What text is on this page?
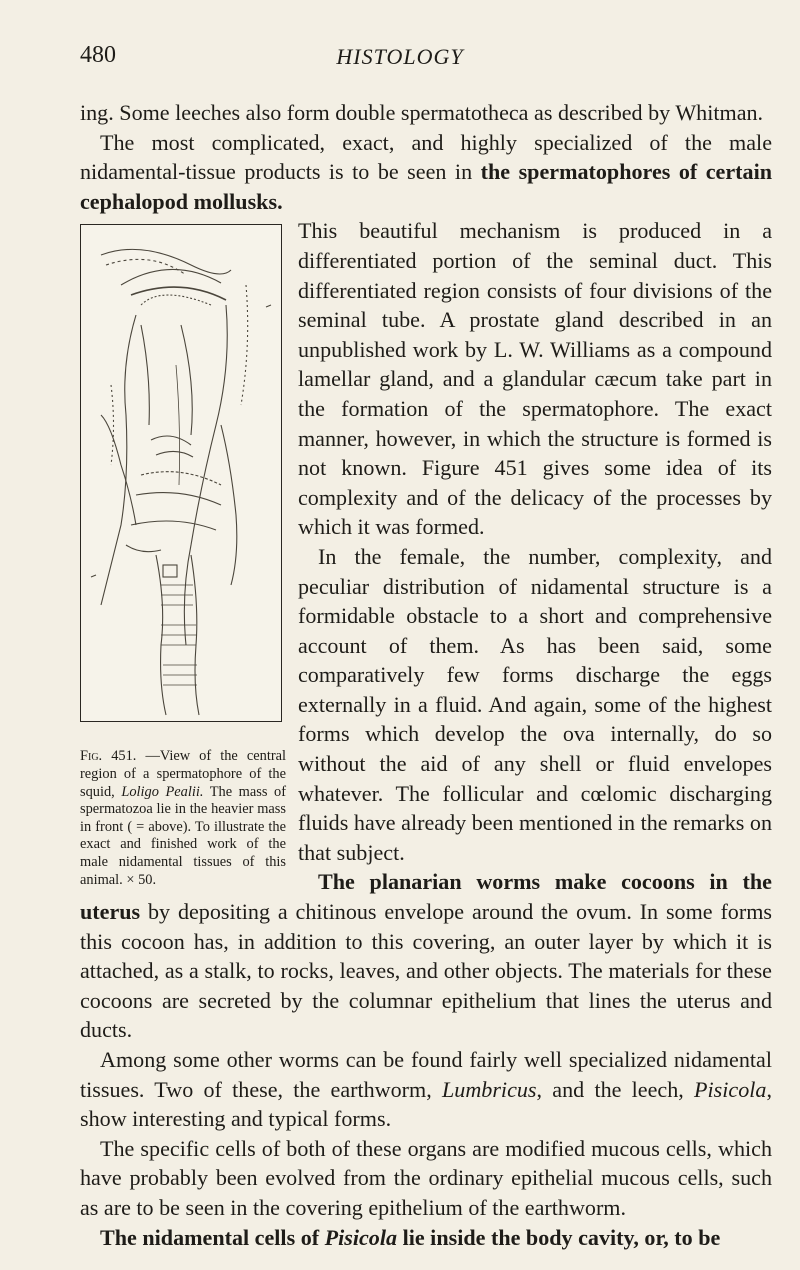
480	HISTOLOGY

ing. Some leeches also form double spermatotheca as described by Whitman.

The most complicated, exact, and highly specialized of the male nidamental-tissue products is to be seen in the spermatophores of certain cephalopod mollusks.

Fig. 451. —View of the central region of a spermatophore of the squid, Loligo Pealii. The mass of spermatozoa lie in the heavier mass in front ( = above). To illustrate the exact and finished work of the male nidamental tissues of this animal. × 50.

This beautiful mechanism is produced in a differentiated portion of the seminal duct. This differentiated region consists of four divisions of the seminal tube. A prostate gland described in an unpublished work by L. W. Williams as a compound lamellar gland, and a glandular cæcum take part in the formation of the spermatophore. The exact manner, however, in which the structure is formed is not known. Figure 451 gives some idea of its complexity and of the delicacy of the processes by which it was formed.

In the female, the number, complexity, and peculiar distribution of nidamental structure is a formidable obstacle to a short and comprehensive account of them. As has been said, some comparatively few forms discharge the eggs externally in a fluid. And again, some of the highest forms which develop the ova internally, do so without the aid of any shell or fluid envelopes whatever. The follicular and cœlomic discharging fluids have already been mentioned in the remarks on that subject.

The planarian worms make cocoons in the uterus by depositing a chitinous envelope around the ovum. In some forms this cocoon has, in addition to this covering, an outer layer by which it is attached, as a stalk, to rocks, leaves, and other objects. The materials for these cocoons are secreted by the columnar epithelium that lines the uterus and ducts.

Among some other worms can be found fairly well specialized nidamental tissues. Two of these, the earthworm, Lumbricus, and the leech, Pisicola, show interesting and typical forms.

The specific cells of both of these organs are modified mucous cells, which have probably been evolved from the ordinary epithelial mucous cells, such as are to be seen in the covering epithelium of the earthworm.

The nidamental cells of Pisicola lie inside the body cavity, or, to be
